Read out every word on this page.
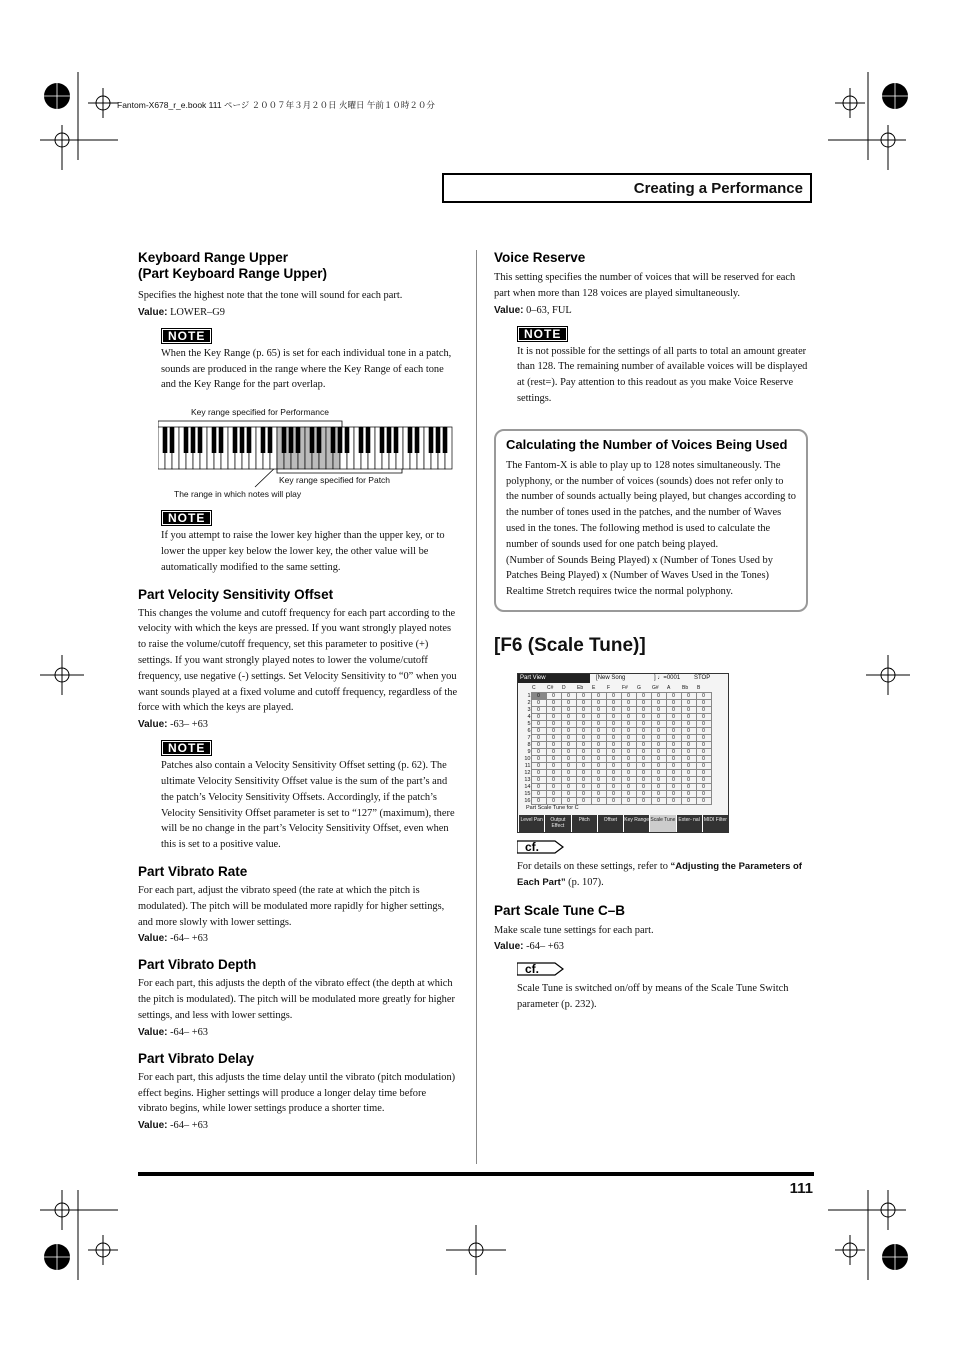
Fantom-X678_r_e.book 111 ページ ２００７年３月２０日 火曜日 午前１０時２０分
Creating a Performance

Keyboard Range Upper

(Part Keyboard Range Upper)

Specifies the highest note that the tone will sound for each part.

Value: LOWER–G9

NOTE

When the Key Range (p. 65) is set for each individual tone in a patch, sounds are produced in the range where the Key Range of each tone and the Key Range for the part overlap.

Key range specified for Performance
Key range specified for Patch
The range in which notes will play
NOTE

If you attempt to raise the lower key higher than the upper key, or to lower the upper key below the lower key, the other value will be automatically modified to the same setting.

Part Velocity Sensitivity Offset

This changes the volume and cutoff frequency for each part according to the velocity with which the keys are pressed. If you want strongly played notes to raise the volume/cutoff frequency, set this parameter to positive (+) settings. If you want strongly played notes to lower the volume/cutoff frequency, use negative (-) settings. Set Velocity Sensitivity to “0” when you want sounds played at a fixed volume and cutoff frequency, regardless of the force with which the keys are played.

Value: -63– +63

NOTE

Patches also contain a Velocity Sensitivity Offset setting (p. 62). The ultimate Velocity Sensitivity Offset value is the sum of the part’s and the patch’s Velocity Sensitivity Offsets. Accordingly, if the patch’s Velocity Sensitivity Offset parameter is set to “127” (maximum), there will be no change in the part’s Velocity Sensitivity Offset, even when this is set to a positive value.

Part Vibrato Rate

For each part, adjust the vibrato speed (the rate at which the pitch is modulated). The pitch will be modulated more rapidly for higher settings, and more slowly with lower settings.

Value: -64– +63

Part Vibrato Depth

For each part, this adjusts the depth of the vibrato effect (the depth at which the pitch is modulated). The pitch will be modulated more greatly for higher settings, and less with lower settings.

Value: -64– +63

Part Vibrato Delay

For each part, this adjusts the time delay until the vibrato (pitch modulation) effect begins. Higher settings will produce a longer delay time before vibrato begins, while lower settings produce a shorter time.

Value: -64– +63

Voice Reserve

This setting specifies the number of voices that will be reserved for each part when more than 128 voices are played simultaneously.

Value: 0–63, FUL

NOTE

It is not possible for the settings of all parts to total an amount greater than 128. The remaining number of available voices will be displayed at (rest=). Pay attention to this readout as you make Voice Reserve settings.

Calculating the Number of Voices Being Used

The Fantom-X is able to play up to 128 notes simultaneously. The polyphony, or the number of voices (sounds) does not refer only to the number of sounds actually being played, but changes according to the number of tones used in the patches, and the number of Waves used in the tones. The following method is used to calculate the number of sounds used for one patch being played.

(Number of Sounds Being Played) x (Number of Tones Used by Patches Being Played) x (Number of Waves Used in the Tones)

Realtime Stretch requires twice the normal polyphony.

[F6 (Scale Tune)]

Part View	[New Song	] ♩=0001	STOP
	C	C#	D	Eb	E	F	F#	G	G#	A	Bb	B
1	0	0	0	0	0	0	0	0	0	0	0	0
2	0	0	0	0	0	0	0	0	0	0	0	0
3	0	0	0	0	0	0	0	0	0	0	0	0
4	0	0	0	0	0	0	0	0	0	0	0	0
5	0	0	0	0	0	0	0	0	0	0	0	0
6	0	0	0	0	0	0	0	0	0	0	0	0
7	0	0	0	0	0	0	0	0	0	0	0	0
8	0	0	0	0	0	0	0	0	0	0	0	0
9	0	0	0	0	0	0	0	0	0	0	0	0
10	0	0	0	0	0	0	0	0	0	0	0	0
11	0	0	0	0	0	0	0	0	0	0	0	0
12	0	0	0	0	0	0	0	0	0	0	0	0
13	0	0	0	0	0	0	0	0	0	0	0	0
14	0	0	0	0	0	0	0	0	0	0	0	0
15	0	0	0	0	0	0	0	0	0	0	0	0
16	0	0	0	0	0	0	0	0	0	0	0	0
Part Scale Tune for C
Level Pan	Output Effect
Pitch	Offset	Key Range Scale Tune Exter- nal MIDI Filter
cf.

For details on these settings, refer to “Adjusting the Parameters of Each Part” (p. 107).

Part Scale Tune C–B

Make scale tune settings for each part.

Value: -64– +63

cf.

Scale Tune is switched on/off by means of the Scale Tune Switch parameter (p. 232).

111
